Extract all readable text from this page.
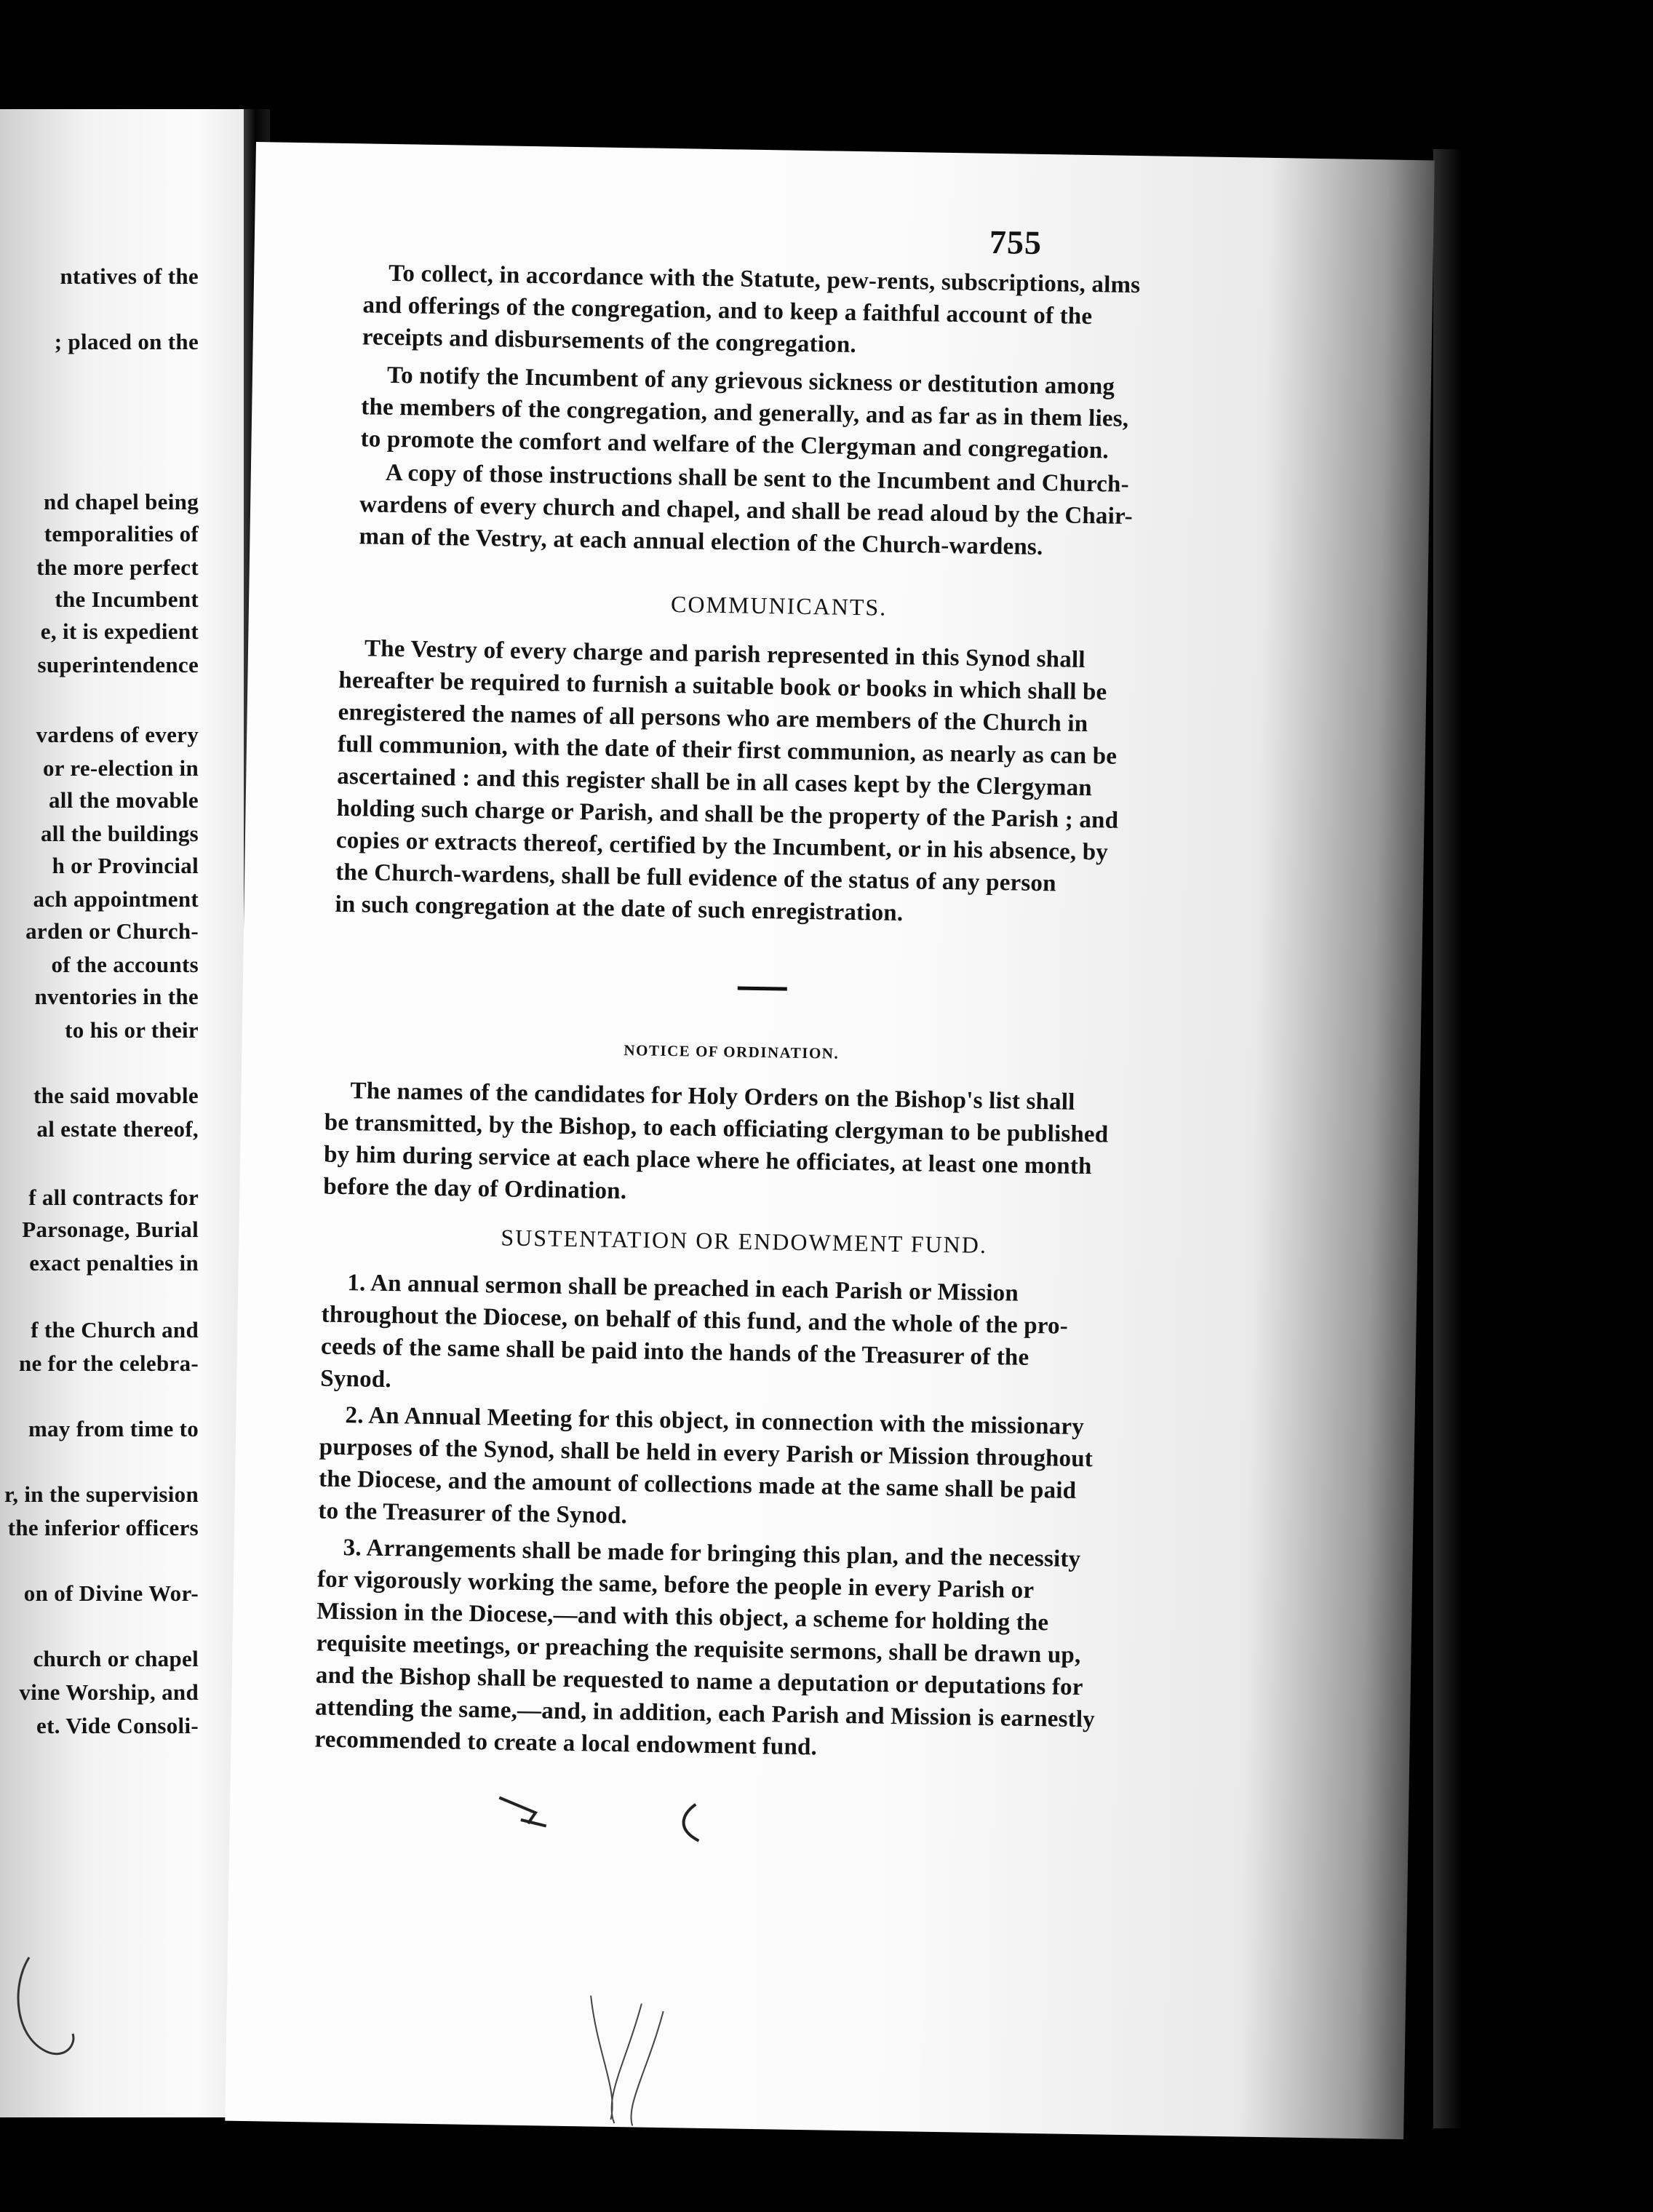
ntatives of the
; placed on the
nd chapel being
temporalities of
the more perfect
the Incumbent
e, it is expedient
superintendence
vardens of every
or re-election in
all the movable
all the buildings
h or Provincial
ach appointment
arden or Church-
of the accounts
nventories in the
to his or their
the said movable
al estate thereof,
f all contracts for
Parsonage, Burial
exact penalties in
f the Church and
ne for the celebra-
may from time to
r, in the supervision
the inferior officers
on of Divine Wor-
church or chapel
vine Worship, and
et. Vide Consoli-
755
To collect, in accordance with the Statute, pew-rents, subscriptions, alms
and offerings of the congregation, and to keep a faithful account of the
receipts and disbursements of the congregation.
To notify the Incumbent of any grievous sickness or destitution among
the members of the congregation, and generally, and as far as in them lies,
to promote the comfort and welfare of the Clergyman and congregation.
A copy of those instructions shall be sent to the Incumbent and Church-
wardens of every church and chapel, and shall be read aloud by the Chair-
man of the Vestry, at each annual election of the Church-wardens.
COMMUNICANTS.
The Vestry of every charge and parish represented in this Synod shall
hereafter be required to furnish a suitable book or books in which shall be
enregistered the names of all persons who are members of the Church in
full communion, with the date of their first communion, as nearly as can be
ascertained : and this register shall be in all cases kept by the Clergyman
holding such charge or Parish, and shall be the property of the Parish ; and
copies or extracts thereof, certified by the Incumbent, or in his absence, by
the Church-wardens, shall be full evidence of the status of any person
in such congregation at the date of such enregistration.
NOTICE OF ORDINATION.
The names of the candidates for Holy Orders on the Bishop's list shall
be transmitted, by the Bishop, to each officiating clergyman to be published
by him during service at each place where he officiates, at least one month
before the day of Ordination.
SUSTENTATION OR ENDOWMENT FUND.
1. An annual sermon shall be preached in each Parish or Mission
throughout the Diocese, on behalf of this fund, and the whole of the pro-
ceeds of the same shall be paid into the hands of the Treasurer of the
Synod.
2. An Annual Meeting for this object, in connection with the missionary
purposes of the Synod, shall be held in every Parish or Mission throughout
the Diocese, and the amount of collections made at the same shall be paid
to the Treasurer of the Synod.
3. Arrangements shall be made for bringing this plan, and the necessity
for vigorously working the same, before the people in every Parish or
Mission in the Diocese,—and with this object, a scheme for holding the
requisite meetings, or preaching the requisite sermons, shall be drawn up,
and the Bishop shall be requested to name a deputation or deputations for
attending the same,—and, in addition, each Parish and Mission is earnestly
recommended to create a local endowment fund.
